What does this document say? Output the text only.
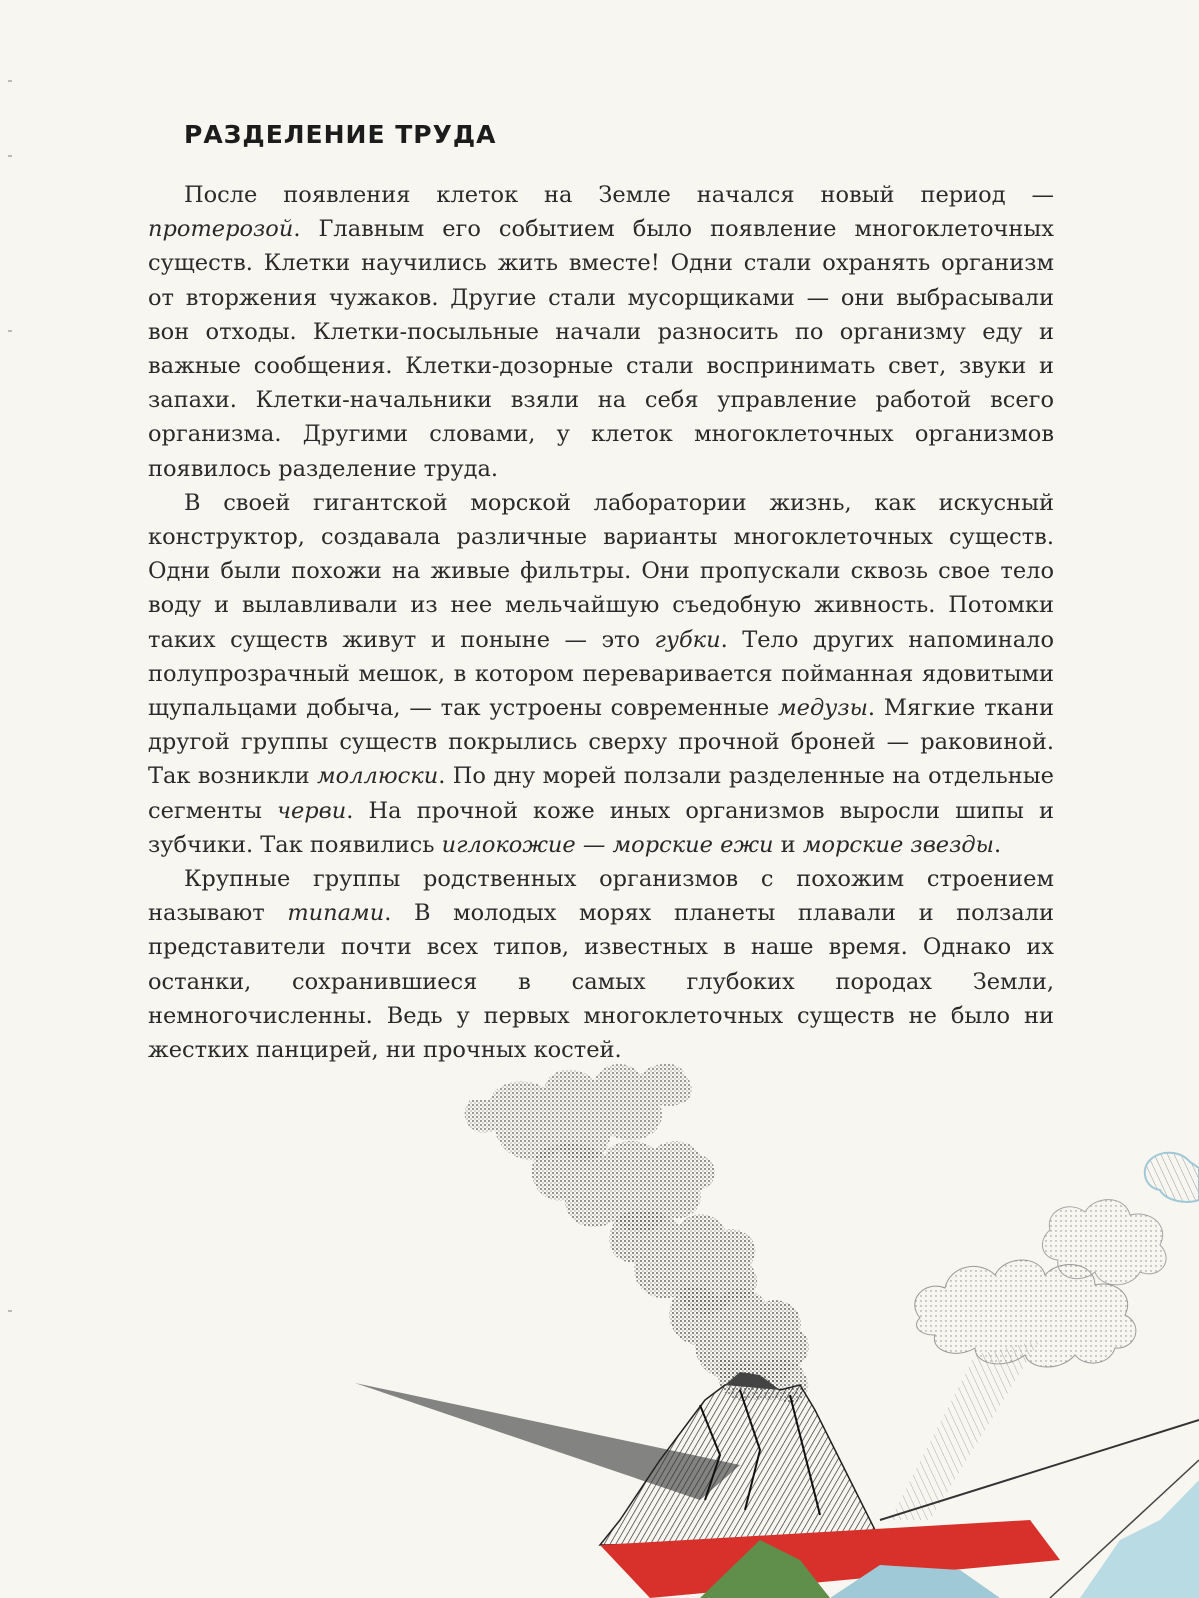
РАЗДЕЛЕНИЕ ТРУДА

После появления клеток на Земле начался новый период — протерозой. Главным его событием было появление многоклеточных существ. Клетки научились жить вместе! Одни стали охранять организм от вторжения чужаков. Другие стали мусорщиками — они выбрасывали вон отходы. Клетки-посыльные начали разносить по организму еду и важные сообщения. Клетки-дозорные стали воспринимать свет, звуки и запахи. Клетки-начальники взяли на себя управление работой всего организма. Другими словами, у клеток многоклеточных организмов появилось разделение труда.

В своей гигантской морской лаборатории жизнь, как искусный конструктор, создавала различные варианты многоклеточных существ. Одни были похожи на живые фильтры. Они пропускали сквозь свое тело воду и вылавливали из нее мельчайшую съедобную живность. Потомки таких существ живут и поныне — это губки. Тело других напоминало полупрозрачный мешок, в котором переваривается пойманная ядовитыми щупальцами добыча, — так устроены современные медузы. Мягкие ткани другой группы существ покрылись сверху прочной броней — раковиной. Так возникли моллюски. По дну морей ползали разделенные на отдельные сегменты черви. На прочной коже иных организмов выросли шипы и зубчики. Так появились иглокожие — морские ежи и морские звезды.

Крупные группы родственных организмов с похожим строением называют типами. В молодых морях планеты плавали и ползали представители почти всех типов, известных в наше время. Однако их останки, сохранившиеся в самых глубоких породах Земли, немногочисленны. Ведь у первых многоклеточных существ не было ни жестких панцирей, ни прочных костей.
